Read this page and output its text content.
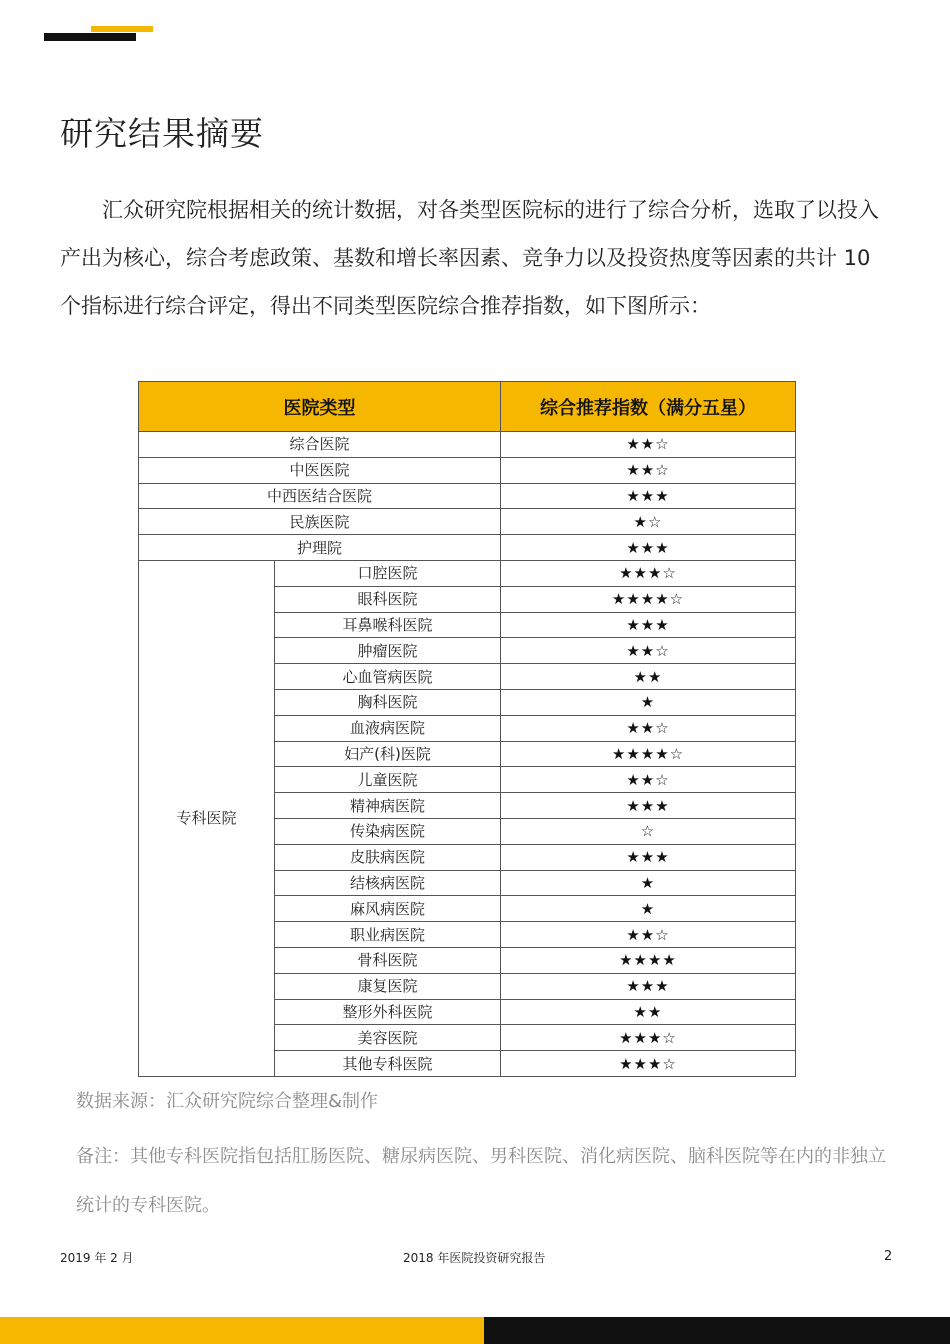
研究结果摘要

汇众研究院根据相关的统计数据，对各类型医院标的进行了综合分析，选取了以投入产出为核心，综合考虑政策、基数和增长率因素、竞争力以及投资热度等因素的共计 10 个指标进行综合评定，得出不同类型医院综合推荐指数，如下图所示：

医院类型		综合推荐指数（满分五星）
综合医院		★★☆
中医医院		★★☆
中西医结合医院		★★★
民族医院		★☆
护理院		★★★
专科医院	口腔医院	★★★☆
	眼科医院	★★★★☆
	耳鼻喉科医院	★★★
	肿瘤医院	★★☆
	心血管病医院	★★
	胸科医院	★
	血液病医院	★★☆
	妇产(科)医院	★★★★☆
	儿童医院	★★☆
	精神病医院	★★★
	传染病医院	☆
	皮肤病医院	★★★
	结核病医院	★
	麻风病医院	★
	职业病医院	★★☆
	骨科医院	★★★★
	康复医院	★★★
	整形外科医院	★★
	美容医院	★★★☆
	其他专科医院	★★★☆

数据来源：汇众研究院综合整理&制作

备注：其他专科医院指包括肛肠医院、糖尿病医院、男科医院、消化病医院、脑科医院等在内的非独立统计的专科医院。

2019 年 2 月	2018 年医院投资研究报告	2
